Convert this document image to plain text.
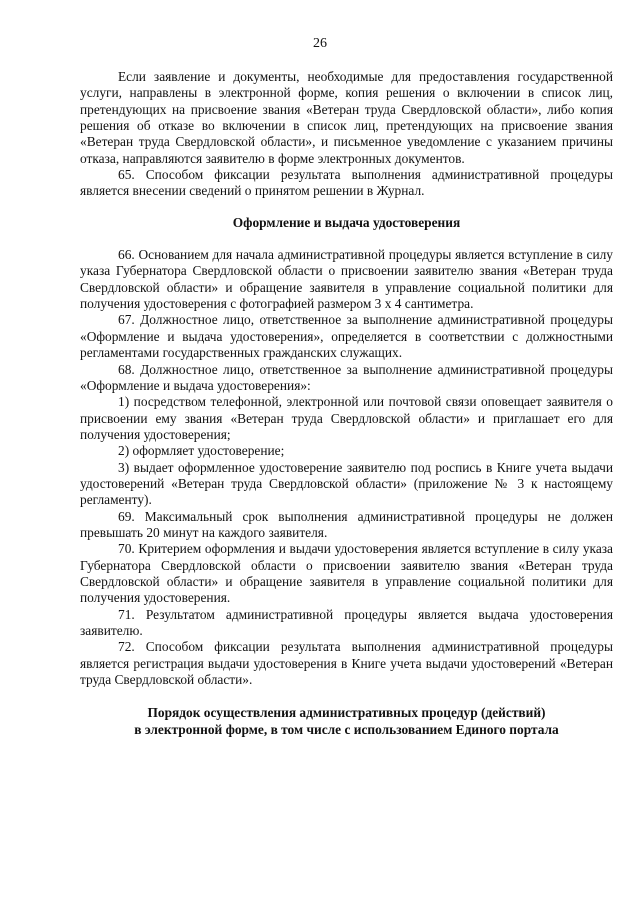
26

Если заявление и документы, необходимые для предоставления государственной услуги, направлены в электронной форме, копия решения о включении в список лиц, претендующих на присвоение звания «Ветеран труда Свердловской области», либо копия решения об отказе во включении в список лиц, претендующих на присвоение звания «Ветеран труда Свердловской области», и письменное уведомление с указанием причины отказа, направляются заявителю в форме электронных документов.

65. Способом фиксации результата выполнения административной процедуры является внесении сведений о принятом решении в Журнал.

Оформление и выдача удостоверения

66. Основанием для начала административной процедуры является вступление в силу указа Губернатора Свердловской области о присвоении заявителю звания «Ветеран труда Свердловской области» и обращение заявителя в управление социальной политики для получения удостоверения с фотографией размером 3 х 4 сантиметра.

67. Должностное лицо, ответственное за выполнение административной процедуры «Оформление и выдача удостоверения», определяется в соответствии с должностными регламентами государственных гражданских служащих.

68. Должностное лицо, ответственное за выполнение административной процедуры «Оформление и выдача удостоверения»:

1) посредством телефонной, электронной или почтовой связи оповещает заявителя о присвоении ему звания «Ветеран труда Свердловской области» и приглашает его для получения удостоверения;

2) оформляет удостоверение;

3) выдает оформленное удостоверение заявителю под роспись в Книге учета выдачи удостоверений «Ветеран труда Свердловской области» (приложение № 3 к настоящему регламенту).

69. Максимальный срок выполнения административной процедуры не должен превышать 20 минут на каждого заявителя.

70. Критерием оформления и выдачи удостоверения является вступление в силу указа Губернатора Свердловской области о присвоении заявителю звания «Ветеран труда Свердловской области» и обращение заявителя в управление социальной политики для получения удостоверения.

71. Результатом административной процедуры является выдача удостоверения заявителю.

72. Способом фиксации результата выполнения административной процедуры является регистрация выдачи удостоверения в Книге учета выдачи удостоверений «Ветеран труда Свердловской области».

Порядок осуществления административных процедур (действий)
в электронной форме, в том числе с использованием Единого портала
